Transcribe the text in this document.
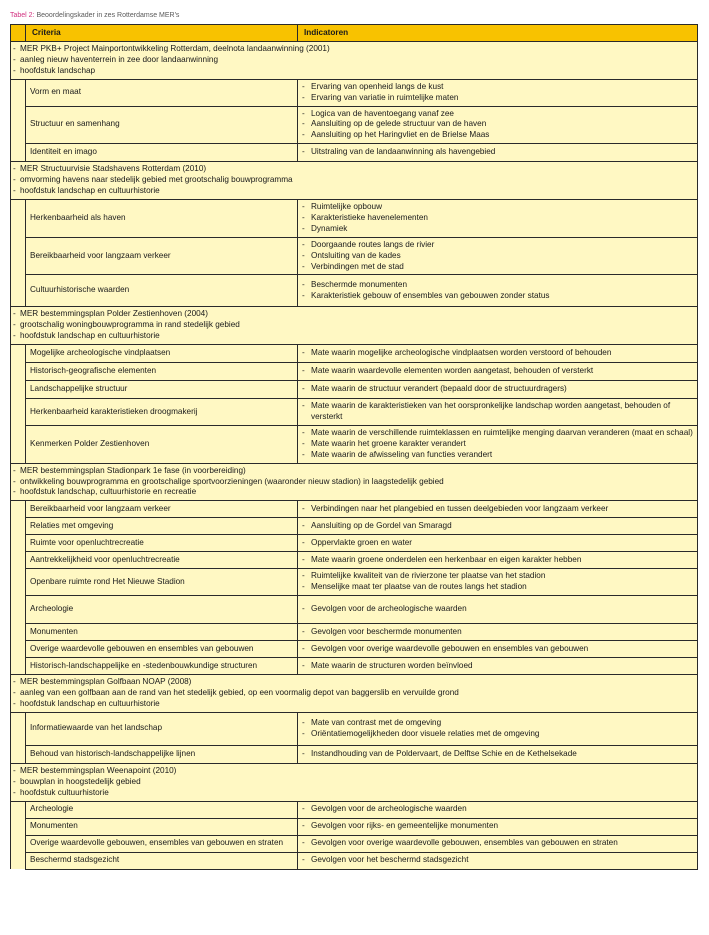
Tabel 2: Beoordelingskader in zes Rotterdamse MER's
	Criteria	Indicatoren

- MER PKB+ Project Mainportontwikkeling Rotterdam, deelnota landaanwinning (2001)
- aanleg nieuw haventerrein in zee door landaanwinning
- hoofdstuk landschap

	Vorm en maat	- Ervaring van openheid langs de kust
- Ervaring van variatie in ruimtelijke maten

	Structuur en samenhang	- Logica van de haventoegang vanaf zee
- Aansluiting op de gelede structuur van de haven
- Aansluiting op het Haringvliet en de Brielse Maas

	Identiteit en imago	- Uitstraling van de landaanwinning als havengebied

- MER Structuurvisie Stadshavens Rotterdam (2010)
- omvorming havens naar stedelijk gebied met grootschalig bouwprogramma
- hoofdstuk landschap en cultuurhistorie

	Herkenbaarheid als haven	- Ruimtelijke opbouw
- Karakteristieke havenelementen
- Dynamiek

	Bereikbaarheid voor langzaam verkeer	- Doorgaande routes langs de rivier
- Ontsluiting van de kades
- Verbindingen met de stad

	Cultuurhistorische waarden	- Beschermde monumenten
- Karakteristiek gebouw of ensembles van gebouwen zonder status

- MER bestemmingsplan Polder Zestienhoven (2004)
- grootschalig woningbouwprogramma in rand stedelijk gebied
- hoofdstuk landschap en cultuurhistorie

	Mogelijke archeologische vindplaatsen	- Mate waarin mogelijke archeologische vindplaatsen worden verstoord of behouden

	Historisch-geografische elementen	- Mate waarin waardevolle elementen worden aangetast, behouden of versterkt

	Landschappelijke structuur	- Mate waarin de structuur verandert (bepaald door de structuurdragers)

	Herkenbaarheid karakteristieken droogmakerij	- Mate waarin de karakteristieken van het oorspronkelijke landschap worden aangetast, behouden of versterkt

	Kenmerken Polder Zestienhoven	- Mate waarin de verschillende ruimteklassen en ruimtelijke menging daarvan veranderen (maat en schaal)
- Mate waarin het groene karakter verandert
- Mate waarin de afwisseling van functies verandert

- MER bestemmingsplan Stadionpark 1e fase (in voorbereiding)
- ontwikkeling bouwprogramma en grootschalige sportvoorzieningen (waaronder nieuw stadion) in laagstedelijk gebied
- hoofdstuk landschap, cultuurhistorie en recreatie

	Bereikbaarheid voor langzaam verkeer	- Verbindingen naar het plangebied en tussen deelgebieden voor langzaam verkeer

	Relaties met omgeving	- Aansluiting op de Gordel van Smaragd

	Ruimte voor openluchtrecreatie	- Oppervlakte groen en water

	Aantrekkelijkheid voor openluchtrecreatie	- Mate waarin groene onderdelen een herkenbaar en eigen karakter hebben

	Openbare ruimte rond Het Nieuwe Stadion	- Ruimtelijke kwaliteit van de rivierzone ter plaatse van het stadion
- Menselijke maat ter plaatse van de routes langs het stadion

	Archeologie	- Gevolgen voor de archeologische waarden

	Monumenten	- Gevolgen voor beschermde monumenten

	Overige waardevolle gebouwen en ensembles van gebouwen	- Gevolgen voor overige waardevolle gebouwen en ensembles van gebouwen

	Historisch-landschappelijke en -stedenbouwkundige structuren	- Mate waarin de structuren worden beïnvloed

- MER bestemmingsplan Golfbaan NOAP (2008)
- aanleg van een golfbaan aan de rand van het stedelijk gebied, op een voormalig depot van baggerslib en vervuilde grond
- hoofdstuk landschap en cultuurhistorie

	Informatiewaarde van het landschap	- Mate van contrast met de omgeving
- Oriëntatiemogelijkheden door visuele relaties met de omgeving

	Behoud van historisch-landschappelijke lijnen	- Instandhouding van de Poldervaart, de Delftse Schie en de Kethelsekade

- MER bestemmingsplan Weenapoint (2010)
- bouwplan in hoogstedelijk gebied
- hoofdstuk cultuurhistorie

	Archeologie	- Gevolgen voor de archeologische waarden

	Monumenten	- Gevolgen voor rijks- en gemeentelijke monumenten

	Overige waardevolle gebouwen, ensembles van gebouwen en straten	- Gevolgen voor overige waardevolle gebouwen, ensembles van gebouwen en straten

	Beschermd stadsgezicht	- Gevolgen voor het beschermd stadsgezicht
